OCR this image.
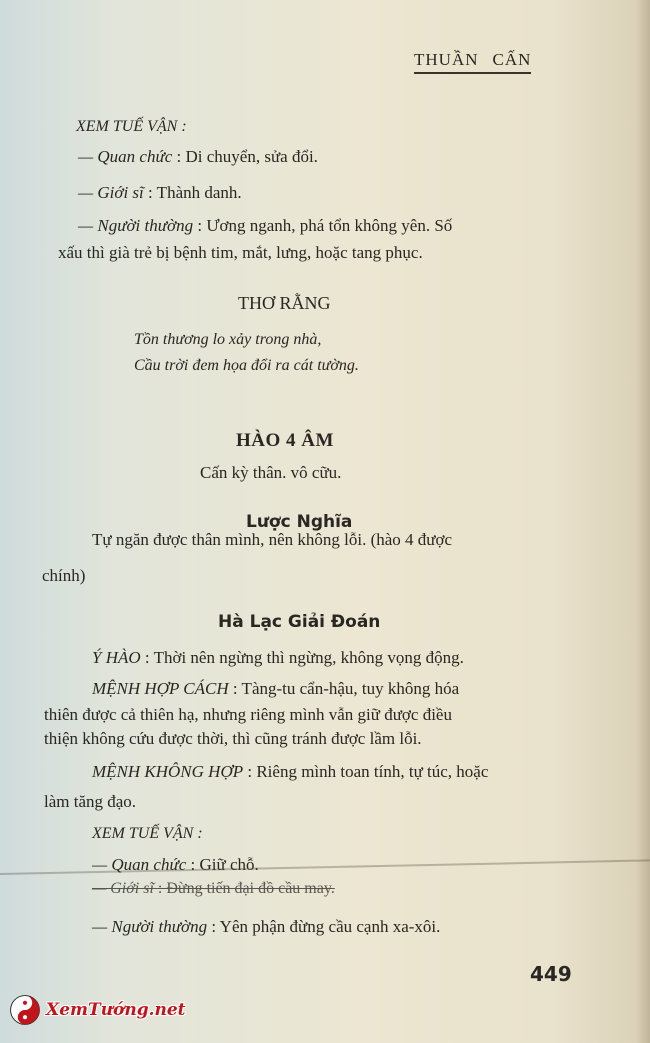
THUẦN CẤN
XEM TUẾ VẬN :
— Quan chức : Di chuyển, sửa đổi.
— Giới sĩ : Thành danh.
— Người thường : Ương nganh, phá tổn không yên. Số
xấu thì già trẻ bị bệnh tim, mắt, lưng, hoặc tang phục.
THƠ RẰNG
Tồn thương lo xảy trong nhà,
Cầu trời đem họa đổi ra cát tường.
HÀO 4 ÂM
Cấn kỳ thân. vô cữu.
Lược Nghĩa
Tự ngăn được thân mình, nên không lỗi. (hào 4 được
chính)
Hà Lạc Giải Đoán
Ý HÀO : Thời nên ngừng thì ngừng, không vọng động.
MỆNH HỢP CÁCH : Tàng-tu cẩn-hậu, tuy không hóa
thiên được cả thiên hạ, nhưng riêng mình vẫn giữ được điều
thiện không cứu được thời, thì cũng tránh được lầm lỗi.
MỆNH KHÔNG HỢP : Riêng mình toan tính, tự túc, hoặc
làm tăng đạo.
XEM TUẾ VẬN :
— Quan chức : Giữ chỗ.
— Giới sĩ : Đừng tiến đại đồ cầu may.
— Người thường : Yên phận đừng cầu cạnh xa-xôi.
449
XemTướng.net
